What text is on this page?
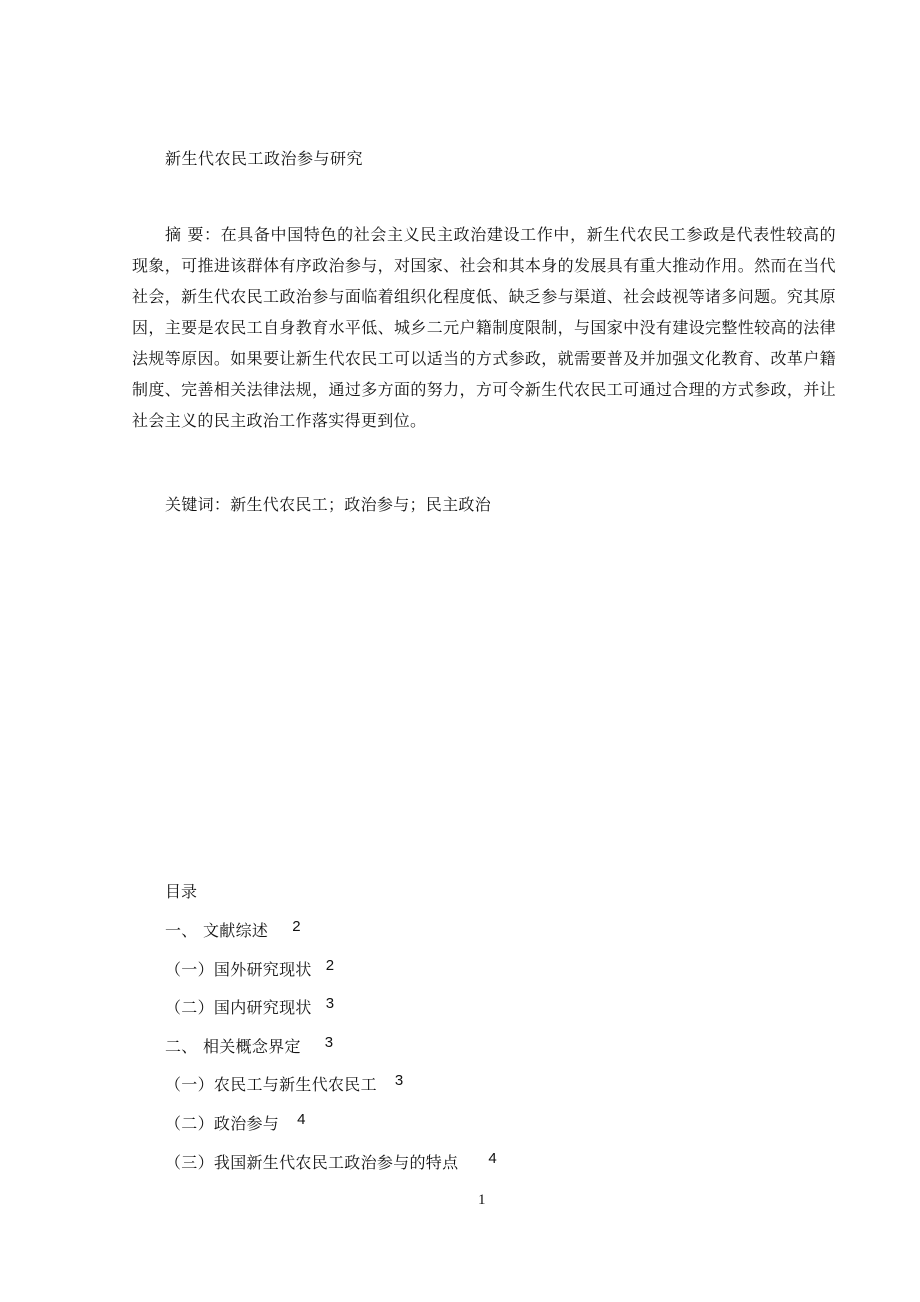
新生代农民工政治参与研究

摘 要：在具备中国特色的社会主义民主政治建设工作中，新生代农民工参政是代表性较高的现象，可推进该群体有序政治参与，对国家、社会和其本身的发展具有重大推动作用。然而在当代社会，新生代农民工政治参与面临着组织化程度低、缺乏参与渠道、社会歧视等诸多问题。究其原因，主要是农民工自身教育水平低、城乡二元户籍制度限制，与国家中没有建设完整性较高的法律法规等原因。如果要让新生代农民工可以适当的方式参政，就需要普及并加强文化教育、改革户籍制度、完善相关法律法规，通过多方面的努力，方可令新生代农民工可通过合理的方式参政，并让社会主义的民主政治工作落实得更到位。

关键词：新生代农民工；政治参与；民主政治
目录
一、 文献综述 2
（一）国外研究现状 2
（二）国内研究现状 3
二、 相关概念界定 3
（一）农民工与新生代农民工 3
（二）政治参与 4
（三）我国新生代农民工政治参与的特点 4
1
